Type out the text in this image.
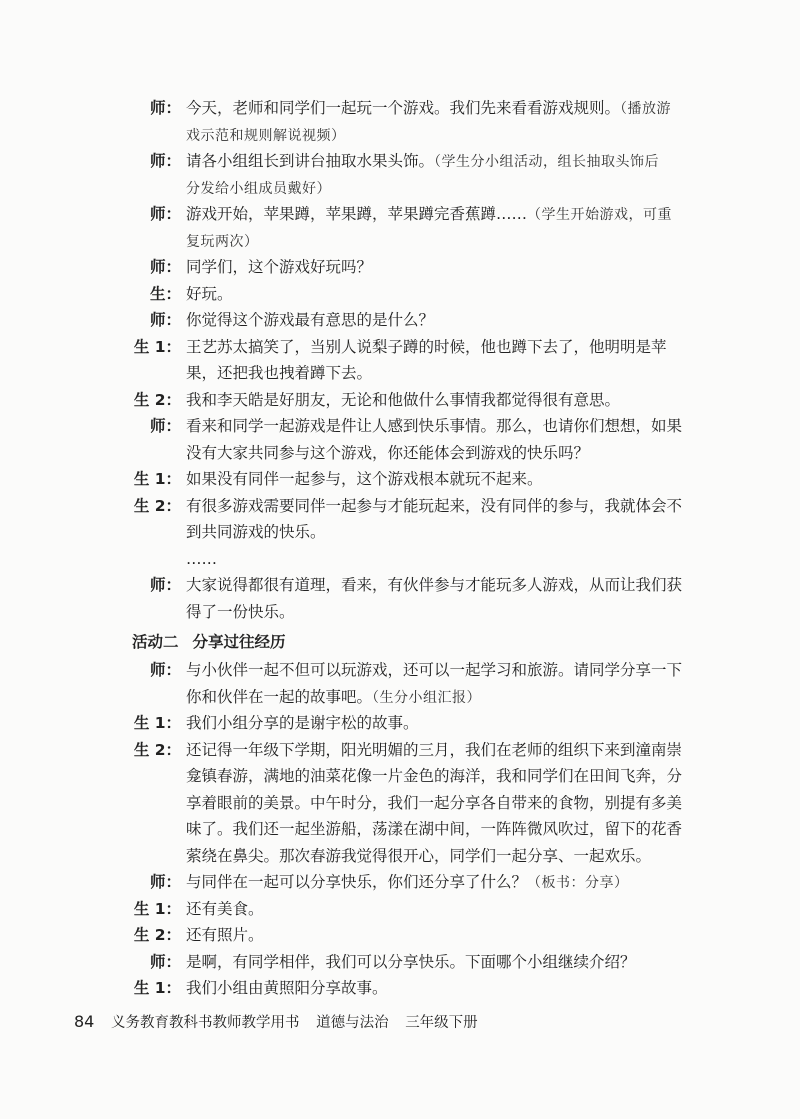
师： 今天，老师和同学们一起玩一个游戏。我们先来看看游戏规则。（播放游
戏示范和规则解说视频）
师： 请各小组组长到讲台抽取水果头饰。（学生分小组活动，组长抽取头饰后
分发给小组成员戴好）
师： 游戏开始，苹果蹲，苹果蹲，苹果蹲完香蕉蹲……（学生开始游戏，可重
复玩两次）
师： 同学们，这个游戏好玩吗？
生： 好玩。
师： 你觉得这个游戏最有意思的是什么？
生 1： 王艺苏太搞笑了，当别人说梨子蹲的时候，他也蹲下去了，他明明是苹
果，还把我也拽着蹲下去。
生 2： 我和李天皓是好朋友，无论和他做什么事情我都觉得很有意思。
师： 看来和同学一起游戏是件让人感到快乐事情。那么，也请你们想想，如果
没有大家共同参与这个游戏，你还能体会到游戏的快乐吗？
生 1： 如果没有同伴一起参与，这个游戏根本就玩不起来。
生 2： 有很多游戏需要同伴一起参与才能玩起来，没有同伴的参与，我就体会不
到共同游戏的快乐。
……
师： 大家说得都很有道理，看来，有伙伴参与才能玩多人游戏，从而让我们获
得了一份快乐。
活动二 分享过往经历
师： 与小伙伴一起不但可以玩游戏，还可以一起学习和旅游。请同学分享一下
你和伙伴在一起的故事吧。（生分小组汇报）
生 1： 我们小组分享的是谢宇松的故事。
生 2： 还记得一年级下学期，阳光明媚的三月，我们在老师的组织下来到潼南崇
龛镇春游，满地的油菜花像一片金色的海洋，我和同学们在田间飞奔，分
享着眼前的美景。中午时分，我们一起分享各自带来的食物，别提有多美
味了。我们还一起坐游船，荡漾在湖中间，一阵阵微风吹过，留下的花香
萦绕在鼻尖。那次春游我觉得很开心，同学们一起分享、一起欢乐。
师： 与同伴在一起可以分享快乐，你们还分享了什么？（板书：分享）
生 1： 还有美食。
生 2： 还有照片。
师： 是啊，有同学相伴，我们可以分享快乐。下面哪个小组继续介绍？
生 1： 我们小组由黄照阳分享故事。
84 义务教育教科书教师教学用书 道德与法治 三年级下册
